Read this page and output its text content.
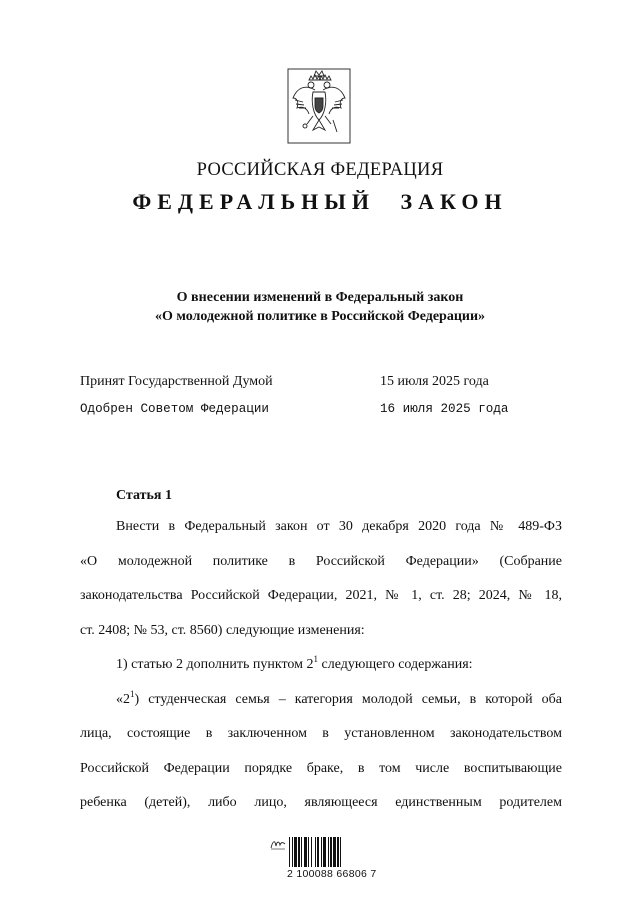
РОССИЙСКАЯ ФЕДЕРАЦИЯ
ФЕДЕРАЛЬНЫЙ ЗАКОН
О внесении изменений в Федеральный закон
«О молодежной политике в Российской Федерации»
Принят Государственной Думой	15 июля 2025 года
Одобрен Советом Федерации	16 июля 2025 года
Статья 1
Внести в Федеральный закон от 30 декабря 2020 года № 489-ФЗ
«О молодежной политике в Российской Федерации» (Собрание
законодательства Российской Федерации, 2021, № 1, ст. 28; 2024, № 18,
ст. 2408; № 53, ст. 8560) следующие изменения:
1) статью 2 дополнить пунктом $2^1$ следующего содержания:
«$2^1$) студенческая семья – категория молодой семьи, в которой оба
лица, состоящие в заключенном в установленном законодательством
Российской Федерации порядке браке, в том числе воспитывающие
ребенка (детей), либо лицо, являющееся единственным родителем
2 100088 66806 7
